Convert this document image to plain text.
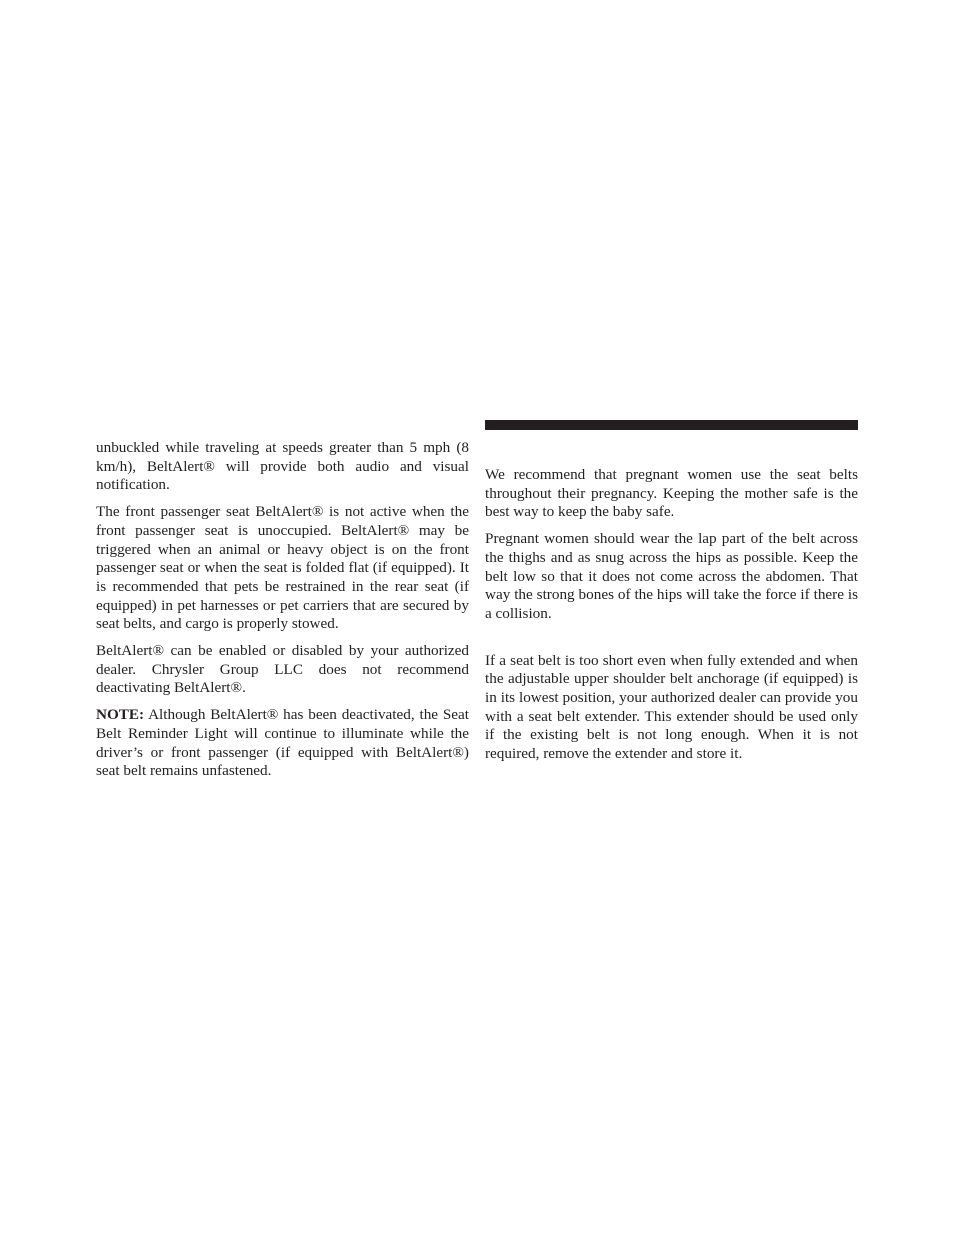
unbuckled while traveling at speeds greater than 5 mph (8 km/h), BeltAlert® will provide both audio and visual notification.

The front passenger seat BeltAlert® is not active when the front passenger seat is unoccupied. BeltAlert® may be triggered when an animal or heavy object is on the front passenger seat or when the seat is folded flat (if equipped). It is recommended that pets be restrained in the rear seat (if equipped) in pet harnesses or pet carriers that are secured by seat belts, and cargo is properly stowed.

BeltAlert® can be enabled or disabled by your authorized dealer. Chrysler Group LLC does not recommend deactivating BeltAlert®.

NOTE: Although BeltAlert® has been deactivated, the Seat Belt Reminder Light will continue to illuminate while the driver’s or front passenger (if equipped with BeltAlert®) seat belt remains unfastened.

We recommend that pregnant women use the seat belts throughout their pregnancy. Keeping the mother safe is the best way to keep the baby safe.

Pregnant women should wear the lap part of the belt across the thighs and as snug across the hips as possible. Keep the belt low so that it does not come across the abdomen. That way the strong bones of the hips will take the force if there is a collision.

If a seat belt is too short even when fully extended and when the adjustable upper shoulder belt anchorage (if equipped) is in its lowest position, your authorized dealer can provide you with a seat belt extender. This extender should be used only if the existing belt is not long enough. When it is not required, remove the extender and store it.
